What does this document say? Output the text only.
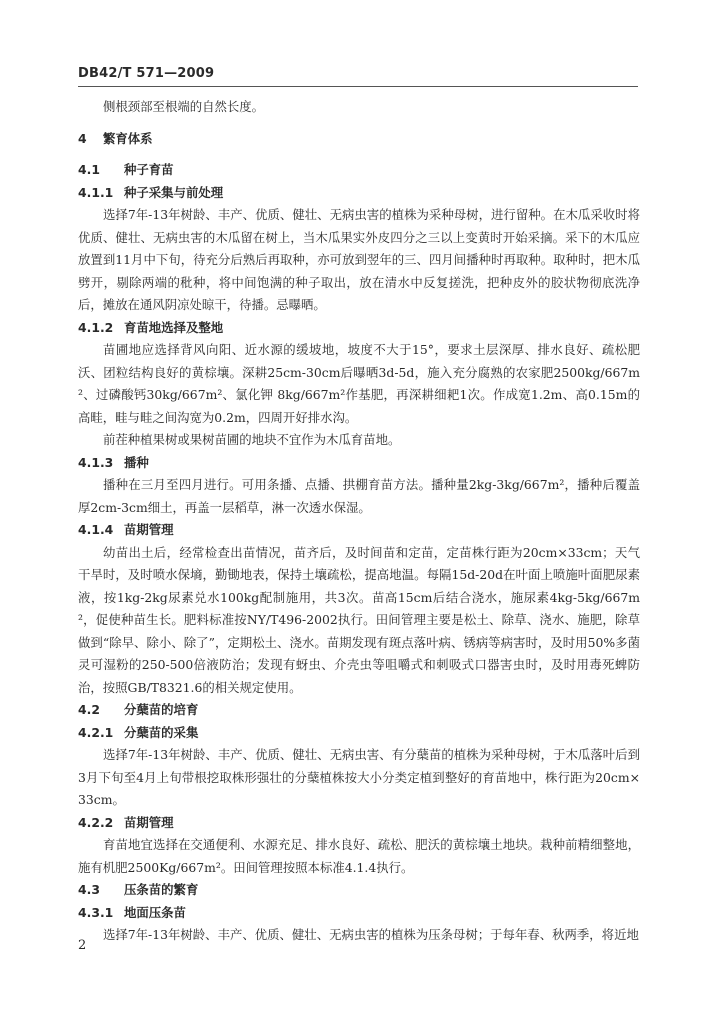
DB42/T 571—2009

侧根颈部至根端的自然长度。

4 繁育体系
4.1 种子育苗
4.1.1 种子采集与前处理

选择7年-13年树龄、丰产、优质、健壮、无病虫害的植株为采种母树，进行留种。在木瓜采收时将优质、健壮、无病虫害的木瓜留在树上，当木瓜果实外皮四分之三以上变黄时开始采摘。采下的木瓜应放置到11月中下旬，待充分后熟后再取种，亦可放到翌年的三、四月间播种时再取种。取种时，把木瓜劈开，剔除两端的秕种，将中间饱满的种子取出，放在清水中反复搓洗，把种皮外的胶状物彻底洗净后，摊放在通风阴凉处晾干，待播。忌曝晒。

4.1.2 育苗地选择及整地

苗圃地应选择背风向阳、近水源的缓坡地，坡度不大于15°，要求土层深厚、排水良好、疏松肥沃、团粒结构良好的黄棕壤。深耕25cm-30cm后曝晒3d-5d，施入充分腐熟的农家肥2500kg/667m²、过磷酸钙30kg/667m²、氯化钾 8kg/667m²作基肥，再深耕细耙1次。作成宽1.2m、高0.15m的高畦，畦与畦之间沟宽为0.2m，四周开好排水沟。

前茬种植果树或果树苗圃的地块不宜作为木瓜育苗地。

4.1.3 播种

播种在三月至四月进行。可用条播、点播、拱棚育苗方法。播种量2kg-3kg/667m²，播种后覆盖厚2cm-3cm细土，再盖一层稻草，淋一次透水保湿。

4.1.4 苗期管理

幼苗出土后，经常检查出苗情况，苗齐后，及时间苗和定苗，定苗株行距为20cm×33cm；天气干旱时，及时喷水保墒，勤锄地表，保持土壤疏松，提高地温。每隔15d-20d在叶面上喷施叶面肥尿素液，按1kg-2kg尿素兑水100kg配制施用，共3次。苗高15cm后结合浇水，施尿素4kg-5kg/667m²，促使种苗生长。肥料标准按NY/T496-2002执行。田间管理主要是松土、除草、浇水、施肥，除草做到“除早、除小、除了”，定期松土、浇水。苗期发现有斑点落叶病、锈病等病害时，及时用50%多菌灵可湿粉的250-500倍液防治；发现有蚜虫、介壳虫等咀嚼式和刺吸式口器害虫时，及时用毒死蜱防治，按照GB/T8321.6的相关规定使用。

4.2 分蘖苗的培育
4.2.1 分蘖苗的采集

选择7年-13年树龄、丰产、优质、健壮、无病虫害、有分蘖苗的植株为采种母树，于木瓜落叶后到3月下旬至4月上旬带根挖取株形强壮的分蘖植株按大小分类定植到整好的育苗地中，株行距为20cm×33cm。

4.2.2 苗期管理

育苗地宜选择在交通便利、水源充足、排水良好、疏松、肥沃的黄棕壤土地块。栽种前精细整地，施有机肥2500Kg/667m²。田间管理按照本标准4.1.4执行。

4.3 压条苗的繁育
4.3.1 地面压条苗

选择7年-13年树龄、丰产、优质、健壮、无病虫害的植株为压条母树；于每年春、秋两季，将近地

2
